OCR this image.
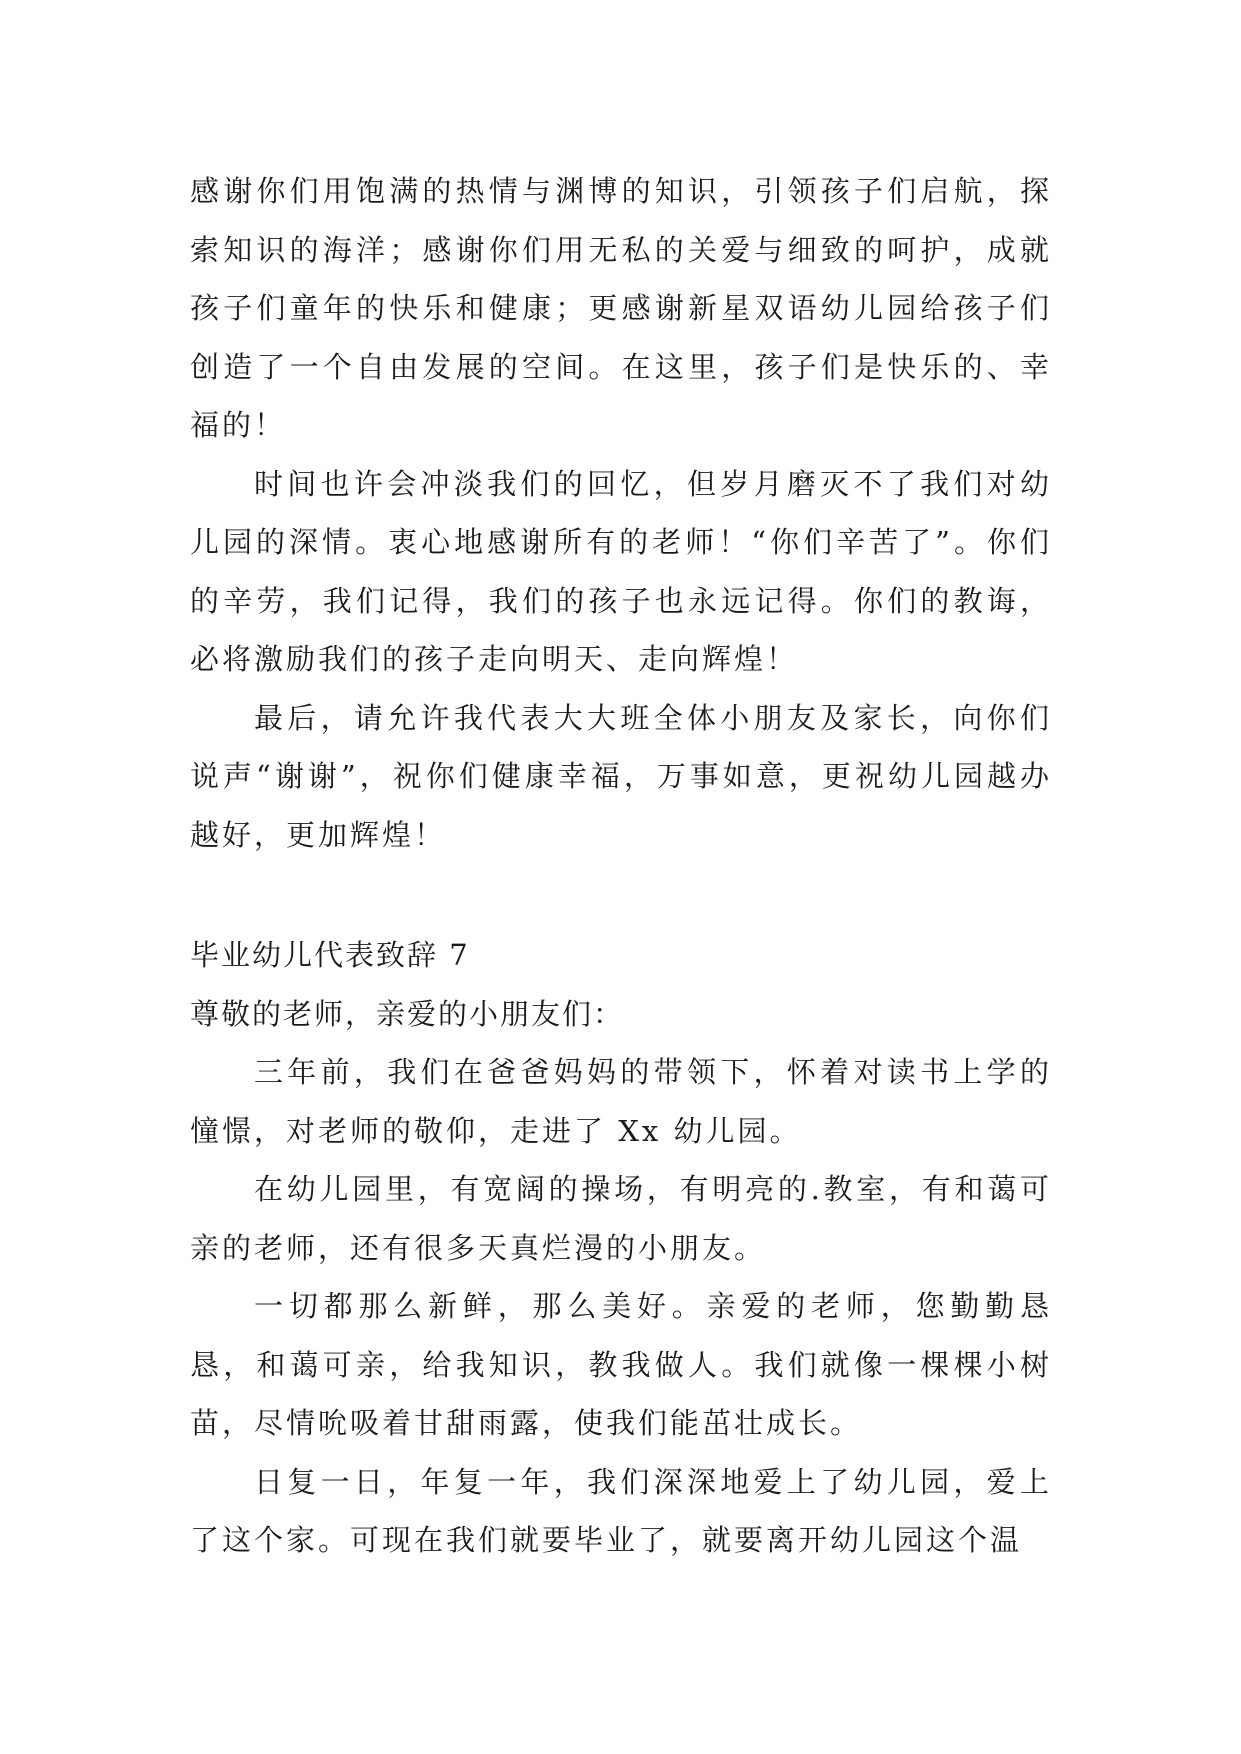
感谢你们用饱满的热情与渊博的知识，引领孩子们启航，探索知识的海洋；感谢你们用无私的关爱与细致的呵护，成就孩子们童年的快乐和健康；更感谢新星双语幼儿园给孩子们创造了一个自由发展的空间。在这里，孩子们是快乐的、幸福的！

时间也许会冲淡我们的回忆，但岁月磨灭不了我们对幼儿园的深情。衷心地感谢所有的老师！“你们辛苦了”。你们的辛劳，我们记得，我们的孩子也永远记得。你们的教诲，必将激励我们的孩子走向明天、走向辉煌！

最后，请允许我代表大大班全体小朋友及家长，向你们说声“谢谢”，祝你们健康幸福，万事如意，更祝幼儿园越办越好，更加辉煌！

毕业幼儿代表致辞 7

尊敬的老师，亲爱的小朋友们：

三年前，我们在爸爸妈妈的带领下，怀着对读书上学的憧憬，对老师的敬仰，走进了 Xx 幼儿园。

在幼儿园里，有宽阔的操场，有明亮的.教室，有和蔼可亲的老师，还有很多天真烂漫的小朋友。

一切都那么新鲜，那么美好。亲爱的老师，您勤勤恳恳，和蔼可亲，给我知识，教我做人。我们就像一棵棵小树苗，尽情吮吸着甘甜雨露，使我们能茁壮成长。

日复一日，年复一年，我们深深地爱上了幼儿园，爱上了这个家。可现在我们就要毕业了，就要离开幼儿园这个温
